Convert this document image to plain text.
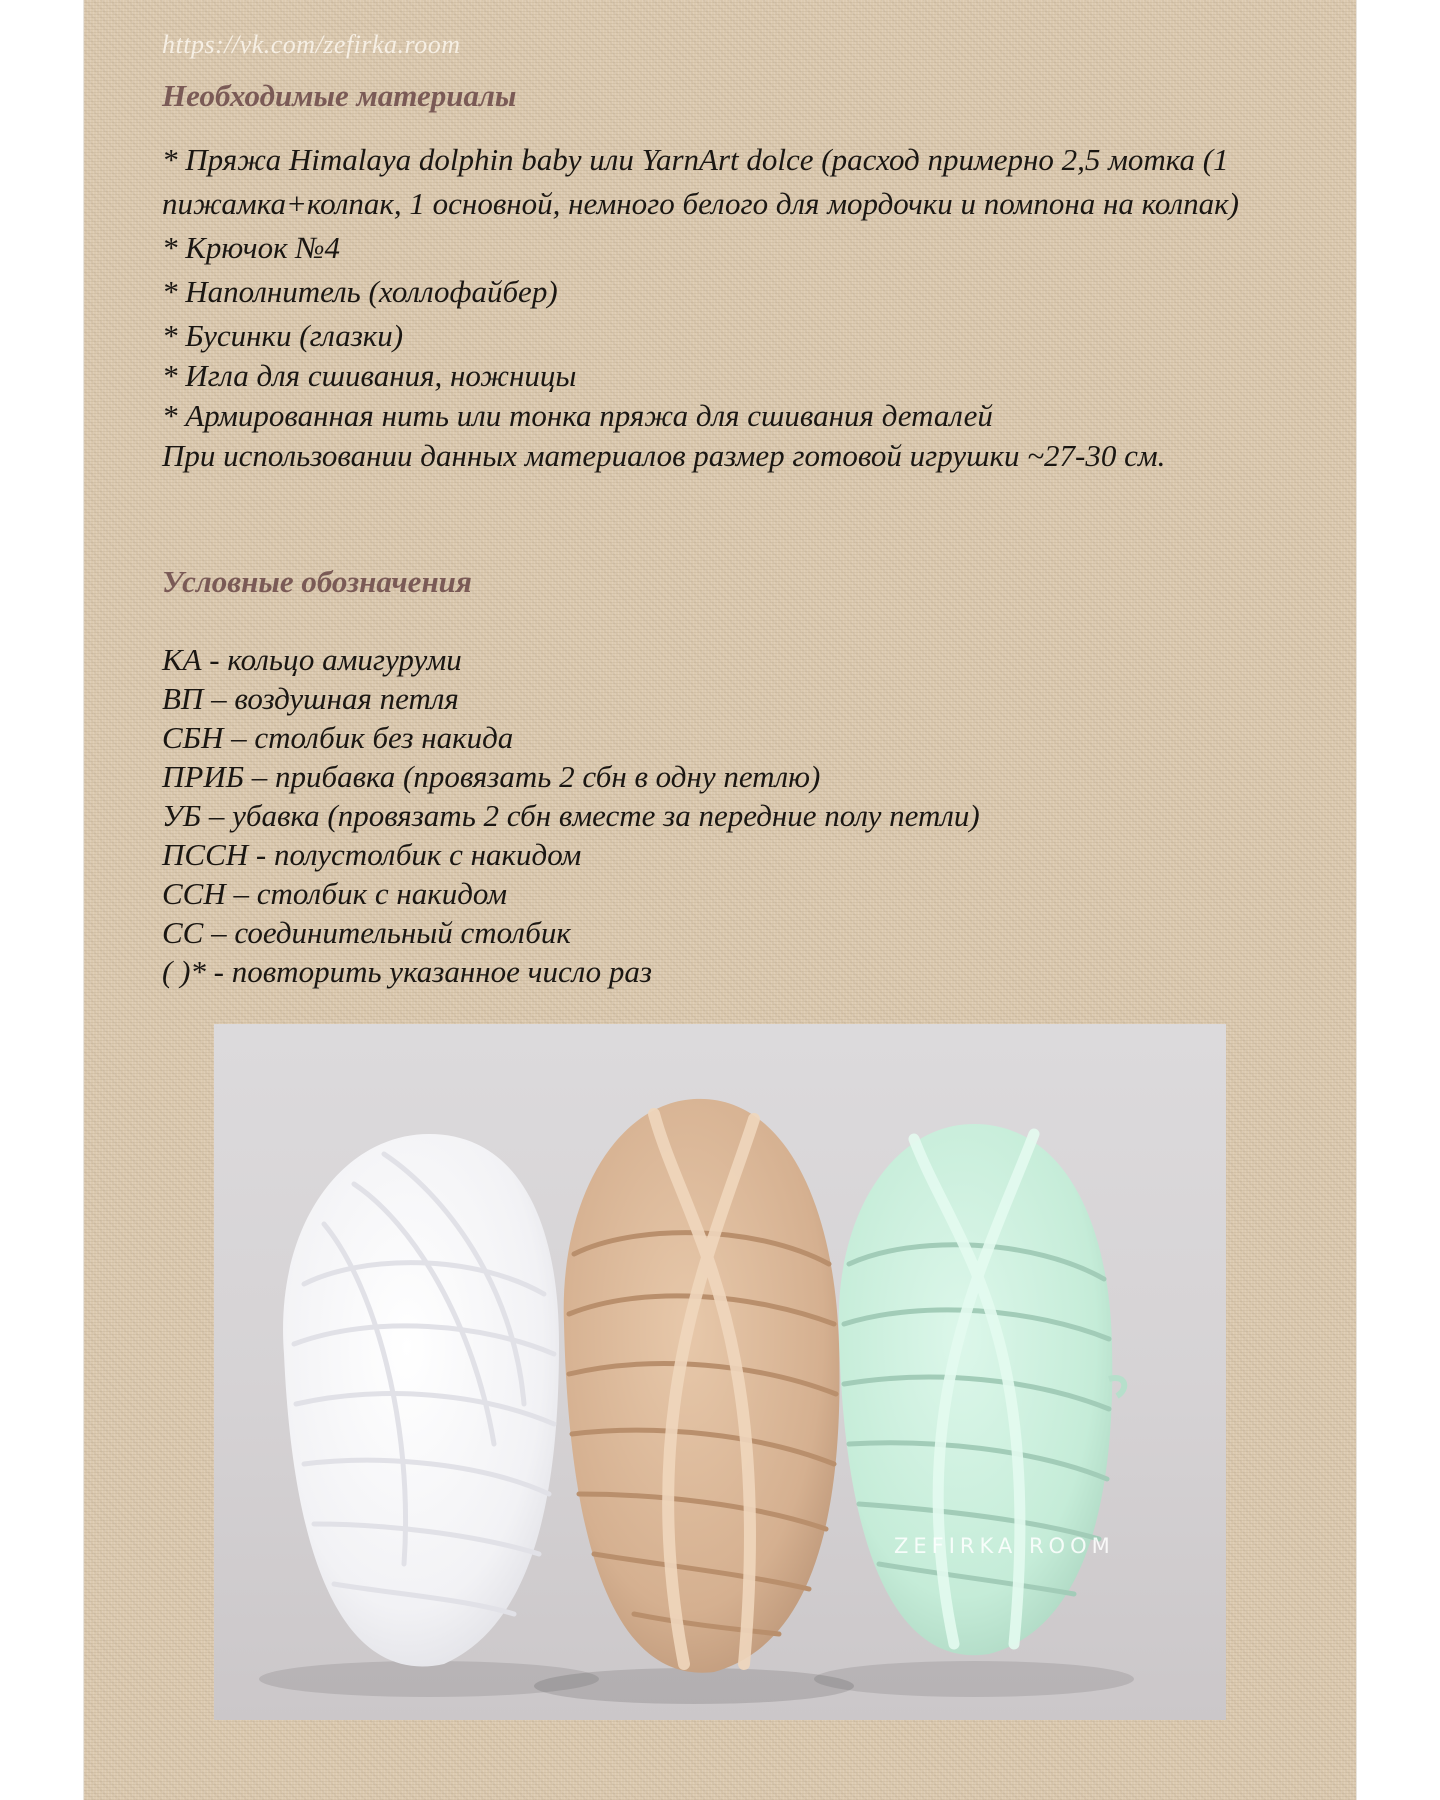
https://vk.com/zefirka.room
Необходимые материалы

* Пряжа Himalaya dolphin baby или YarnArt dolce (расход примерно 2,5 мотка (1 пижамка+колпак, 1 основной, немного белого для мордочки и помпона на колпак)

* Крючок №4

* Наполнитель (холлофайбер)

* Бусинки (глазки)

* Игла для сшивания, ножницы

* Армированная нить или тонка пряжа для сшивания деталей

При использовании данных материалов размер готовой игрушки ~27-30 см.

Условные обозначения

КА - кольцо амигуруми

ВП – воздушная петля

СБН – столбик без накида

ПРИБ – прибавка (провязать 2 сбн в одну петлю)

УБ – убавка (провязать 2 сбн вместе за передние полу петли)

ПССН - полустолбик с накидом

ССН – столбик с накидом

СС – соединительный столбик

( )* - повторить указанное число раз

ZEFIRKA ROOM
